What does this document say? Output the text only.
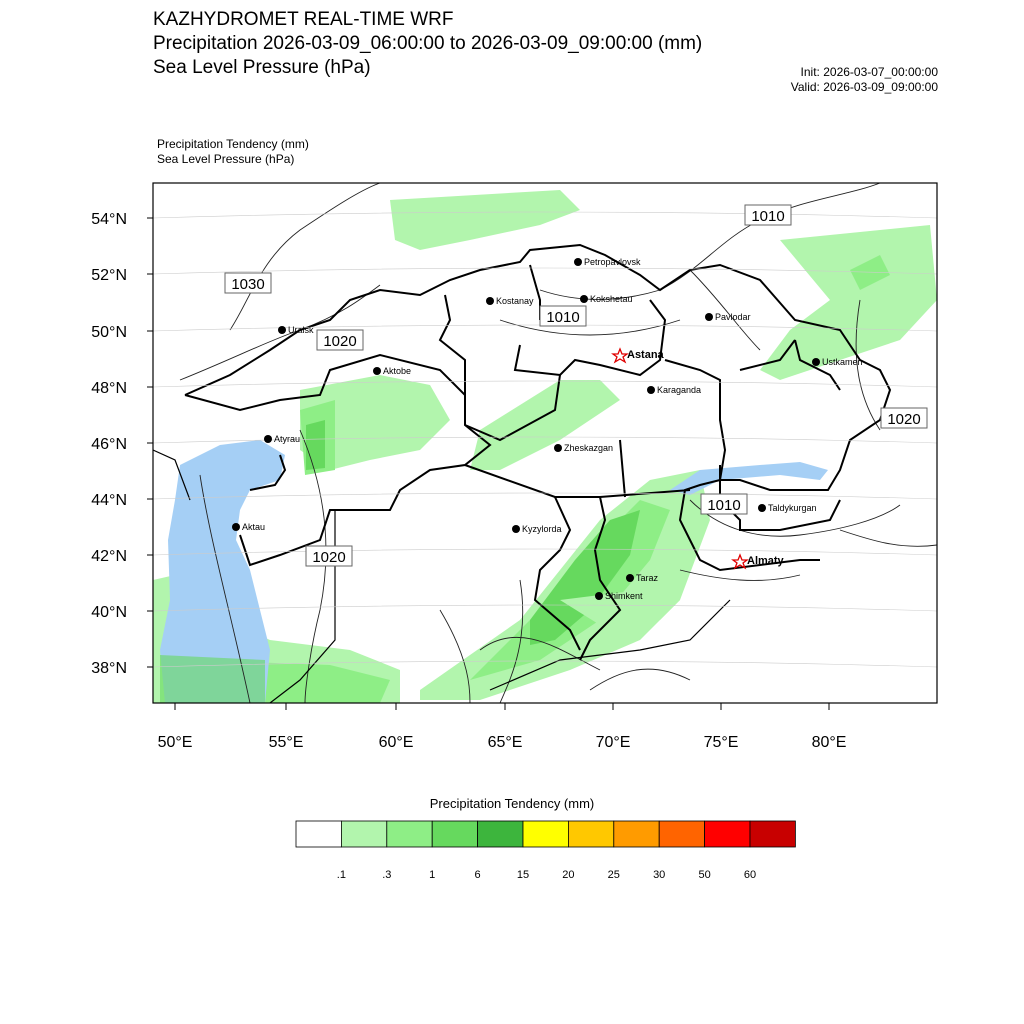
KAZHYDROMET REAL-TIME WRF
Precipitation 2026-03-09_06:00:00 to 2026-03-09_09:00:00 (mm)
Sea Level Pressure (hPa)	Init: 2026-03-07_00:00:00
Valid: 2026-03-09_09:00:00
Precipitation Tendency (mm)
Sea Level Pressure (hPa)
1010
1030
1020
1010
1020
1010
1020
Petropavlovsk
Kostanay	Kokshetau
Pavlodar
Uralsk
Aktobe
Astana
Karaganda
Ustkamen
Atyrau
Zheskazgan
Aktau	Kyzylorda
Taldykurgan
Almaty
Taraz
Shimkent
54°N
52°N
50°N
48°N
46°N
44°N
42°N
40°N
38°N
50°E	55°E	60°E	65°E	70°E	75°E	80°E
Precipitation Tendency (mm)
.1	.3	1	6	15	20	25	30	50	60
